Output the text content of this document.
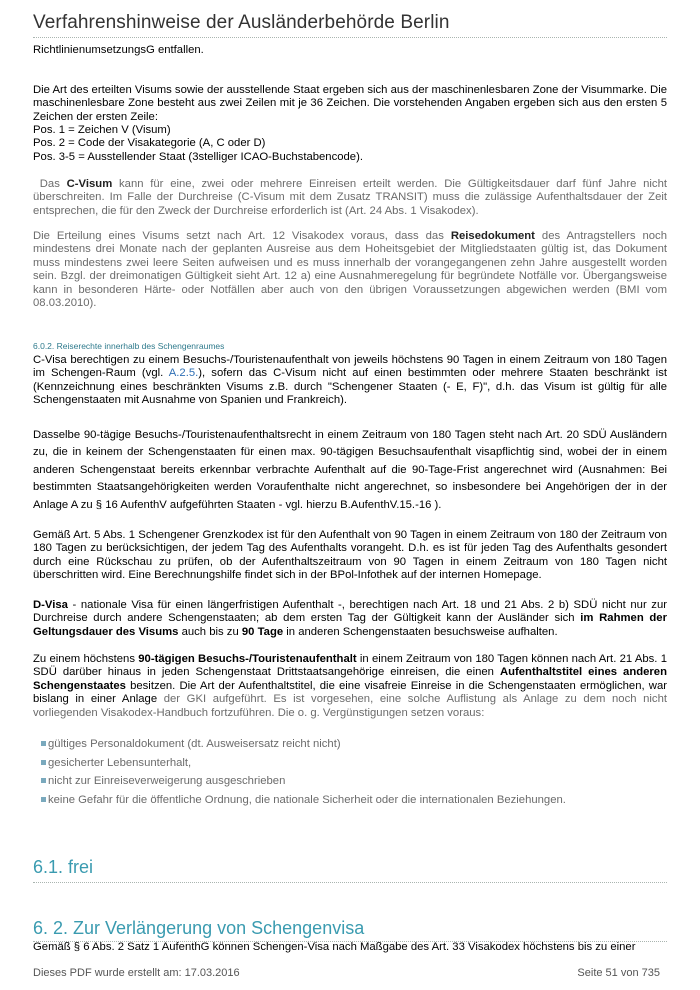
Verfahrenshinweise der Ausländerbehörde Berlin
RichtlinienumsetzungsG entfallen.
Die Art des erteilten Visums sowie der ausstellende Staat ergeben sich aus der maschinenlesbaren Zone der Visummarke. Die maschinenlesbare Zone besteht aus zwei Zeilen mit je 36 Zeichen. Die vorstehenden Angaben ergeben sich aus den ersten 5 Zeichen der ersten Zeile:
Pos. 1 = Zeichen V (Visum)
Pos. 2 = Code der Visakategorie (A, C oder D)
Pos. 3-5 = Ausstellender Staat (3stelliger ICAO-Buchstabencode).
Das C-Visum kann für eine, zwei oder mehrere Einreisen erteilt werden. Die Gültigkeitsdauer darf fünf Jahre nicht überschreiten. Im Falle der Durchreise (C-Visum mit dem Zusatz TRANSIT) muss die zulässige Aufenthaltsdauer der Zeit entsprechen, die für den Zweck der Durchreise erforderlich ist (Art. 24 Abs. 1 Visakodex).
Die Erteilung eines Visums setzt nach Art. 12 Visakodex voraus, dass das Reisedokument des Antragstellers noch mindestens drei Monate nach der geplanten Ausreise aus dem Hoheitsgebiet der Mitgliedstaaten gültig ist, das Dokument muss mindestens zwei leere Seiten aufweisen und es muss innerhalb der vorangegangenen zehn Jahre ausgestellt worden sein. Bzgl. der dreimonatigen Gültigkeit sieht Art. 12 a) eine Ausnahmeregelung für begründete Notfälle vor. Übergangsweise kann in besonderen Härte- oder Notfällen aber auch von den übrigen Voraussetzungen abgewichen werden (BMI vom 08.03.2010).
6.0.2. Reiserechte innerhalb des Schengenraumes
C-Visa berechtigen zu einem Besuchs-/Touristenaufenthalt von jeweils höchstens 90 Tagen in einem Zeitraum von 180 Tagen im Schengen-Raum (vgl. A.2.5.), sofern das C-Visum nicht auf einen bestimmten oder mehrere Staaten beschränkt ist (Kennzeichnung eines beschränkten Visums z.B. durch "Schengener Staaten (- E, F)", d.h. das Visum ist gültig für alle Schengenstaaten mit Ausnahme von Spanien und Frankreich).
Dasselbe 90-tägige Besuchs-/Touristenaufenthaltsrecht in einem Zeitraum von 180 Tagen steht nach Art. 20 SDÜ Ausländern zu, die in keinem der Schengenstaaten für einen max. 90-tägigen Besuchsaufenthalt visapflichtig sind, wobei der in einem anderen Schengenstaat bereits erkennbar verbrachte Aufenthalt auf die 90-Tage-Frist angerechnet wird (Ausnahmen: Bei bestimmten Staatsangehörigkeiten werden Voraufenthalte nicht angerechnet, so insbesondere bei Angehörigen der in der Anlage A zu § 16 AufenthV aufgeführten Staaten - vgl. hierzu B.AufenthV.15.-16 ).
Gemäß Art. 5 Abs. 1 Schengener Grenzkodex ist für den Aufenthalt von 90 Tagen in einem Zeitraum von 180 der Zeitraum von 180 Tagen zu berücksichtigen, der jedem Tag des Aufenthalts vorangeht. D.h. es ist für jeden Tag des Aufenthalts gesondert durch eine Rückschau zu prüfen, ob der Aufenthaltszeitraum von 90 Tagen in einem Zeitraum von 180 Tagen nicht überschritten wird. Eine Berechnungshilfe findet sich in der BPol-Infothek auf der internen Homepage.
D-Visa - nationale Visa für einen längerfristigen Aufenthalt -, berechtigen nach Art. 18 und 21 Abs. 2 b) SDÜ nicht nur zur Durchreise durch andere Schengenstaaten; ab dem ersten Tag der Gültigkeit kann der Ausländer sich im Rahmen der Geltungsdauer des Visums auch bis zu 90 Tage in anderen Schengenstaaten besuchsweise aufhalten.
Zu einem höchstens 90-tägigen Besuchs-/Touristenaufenthalt in einem Zeitraum von 180 Tagen können nach Art. 21 Abs. 1 SDÜ darüber hinaus in jeden Schengenstaat Drittstaatsangehörige einreisen, die einen Aufenthaltstitel eines anderen Schengenstaates besitzen. Die Art der Aufenthaltstitel, die eine visafreie Einreise in die Schengenstaaten ermöglichen, war bislang in einer Anlage der GKI aufgeführt. Es ist vorgesehen, eine solche Auflistung als Anlage zu dem noch nicht vorliegenden Visakodex-Handbuch fortzuführen. Die o. g. Vergünstigungen setzen voraus:
gültiges Personaldokument (dt. Ausweisersatz reicht nicht)
gesicherter Lebensunterhalt,
nicht zur Einreiseverweigerung ausgeschrieben
keine Gefahr für die öffentliche Ordnung, die nationale Sicherheit oder die internationalen Beziehungen.
6.1. frei
6. 2. Zur Verlängerung von Schengenvisa
Gemäß § 6 Abs. 2 Satz 1 AufenthG können Schengen-Visa nach Maßgabe des Art. 33 Visakodex höchstens bis zu einer
Dieses PDF wurde erstellt am: 17.03.2016	Seite 51 von 735
